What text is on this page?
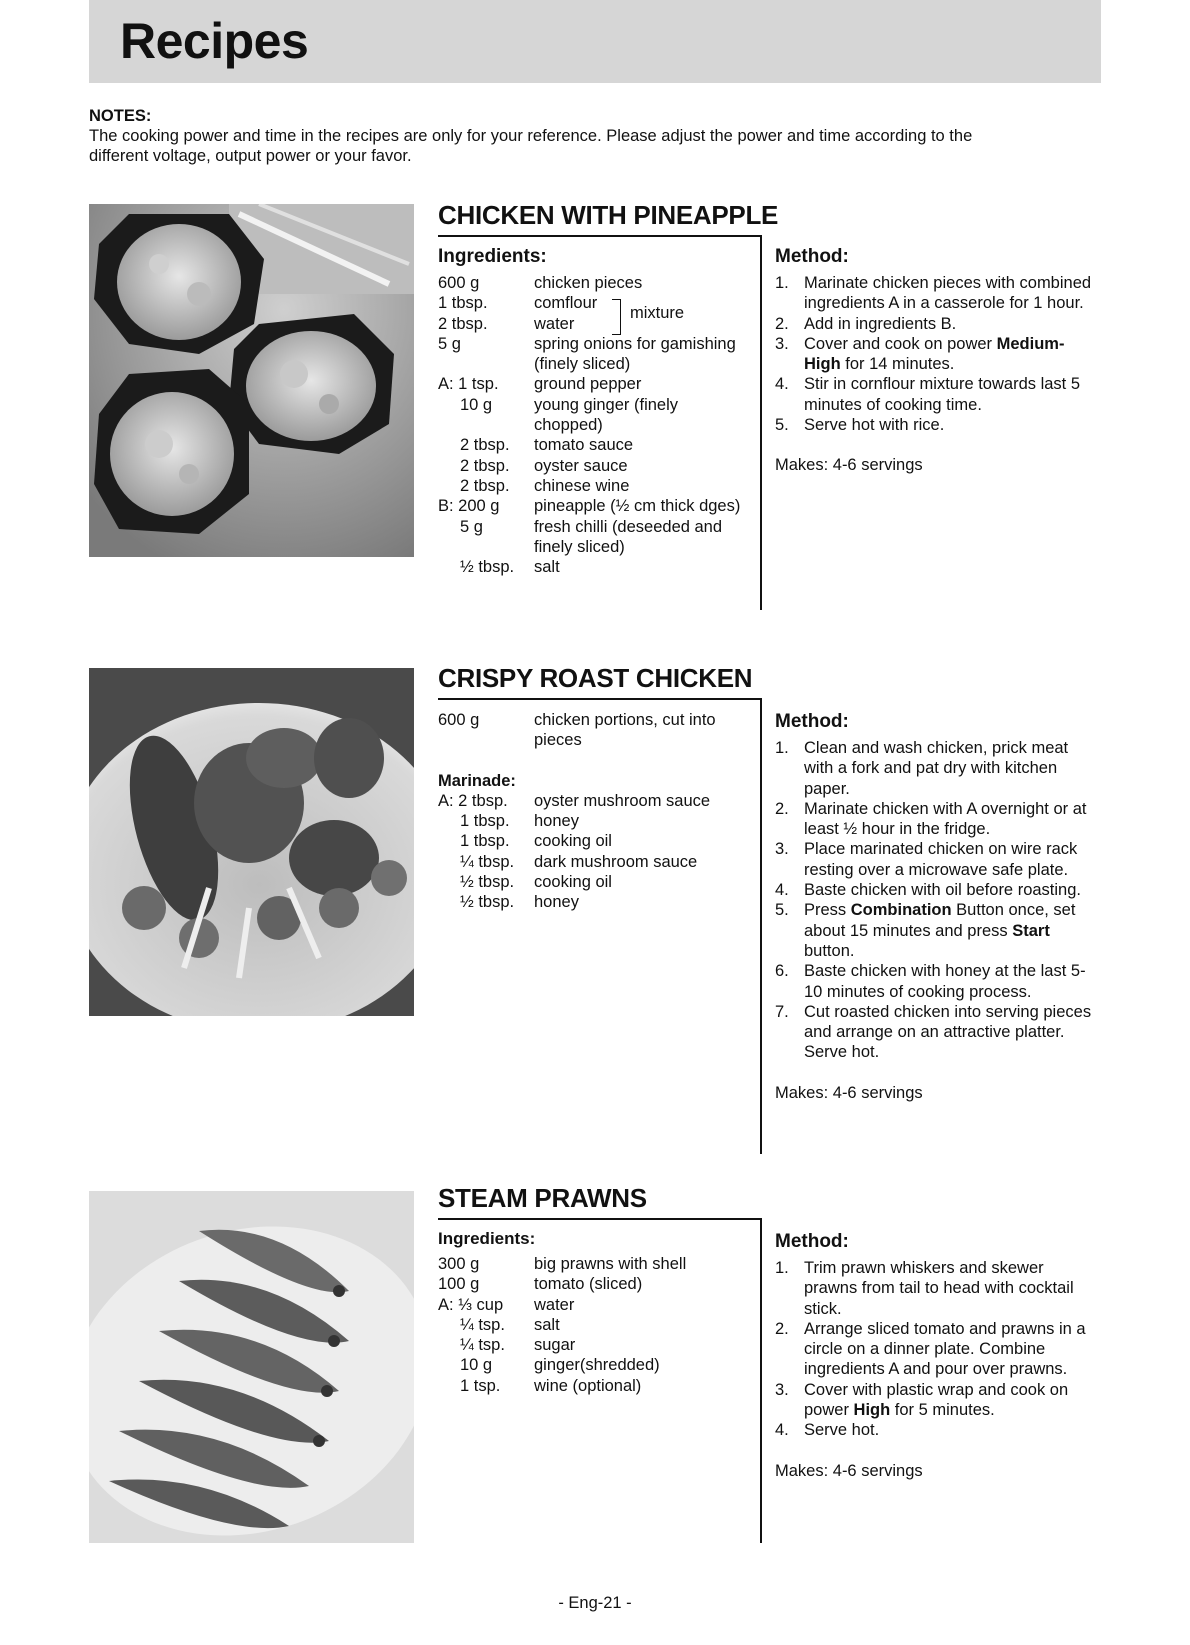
Recipes
NOTES:
The cooking power and time in the recipes are only for your reference. Please adjust the power and time according to the
different voltage, output power or your favor.
CHICKEN WITH PINEAPPLE
Ingredients:
600 g	chicken pieces
1 tbsp.	comflour
2 tbsp.	water
mixture
5 g	spring onions for gamishing (finely sliced)
A: 1 tsp.	ground pepper
10 g	young ginger (finely chopped)
2 tbsp.	tomato sauce
2 tbsp.	oyster sauce
2 tbsp.	chinese wine
B: 200 g	pineapple (½ cm thick dges)
5 g	fresh chilli (deseeded and finely sliced)
½ tbsp.	salt
Method:
1. Marinate chicken pieces with combined ingredients A in a casserole for 1 hour.
2. Add in ingredients B.
3. Cover and cook on power Medium-High for 14 minutes.
4. Stir in cornflour mixture towards last 5 minutes of cooking time.
5. Serve hot with rice.
Makes: 4-6 servings
CRISPY ROAST CHICKEN
600 g	chicken portions, cut into pieces
Marinade:
A: 2 tbsp.	oyster mushroom sauce
1 tbsp.	honey
1 tbsp.	cooking oil
¼ tbsp.	dark mushroom sauce
½ tbsp.	cooking oil
½ tbsp.	honey
Method:
1. Clean and wash chicken, prick meat with a fork and pat dry with kitchen paper.
2. Marinate chicken with A overnight or at least ½ hour in the fridge.
3. Place marinated chicken on wire rack resting over a microwave safe plate.
4. Baste chicken with oil before roasting.
5. Press Combination Button once, set about 15 minutes and press Start button.
6. Baste chicken with honey at the last 5-10 minutes of cooking process.
7. Cut roasted chicken into serving pieces and arrange on an attractive platter. Serve hot.
Makes: 4-6 servings
STEAM PRAWNS
Ingredients:
300 g	big prawns with shell
100 g	tomato (sliced)
A: ⅓ cup	water
¼ tsp.	salt
¼ tsp.	sugar
10 g	ginger(shredded)
1 tsp.	wine (optional)
Method:
1. Trim prawn whiskers and skewer prawns from tail to head with cocktail stick.
2. Arrange sliced tomato and prawns in a circle on a dinner plate. Combine ingredients A and pour over prawns.
3. Cover with plastic wrap and cook on power High for 5 minutes.
4. Serve hot.
Makes: 4-6 servings
- Eng-21 -
